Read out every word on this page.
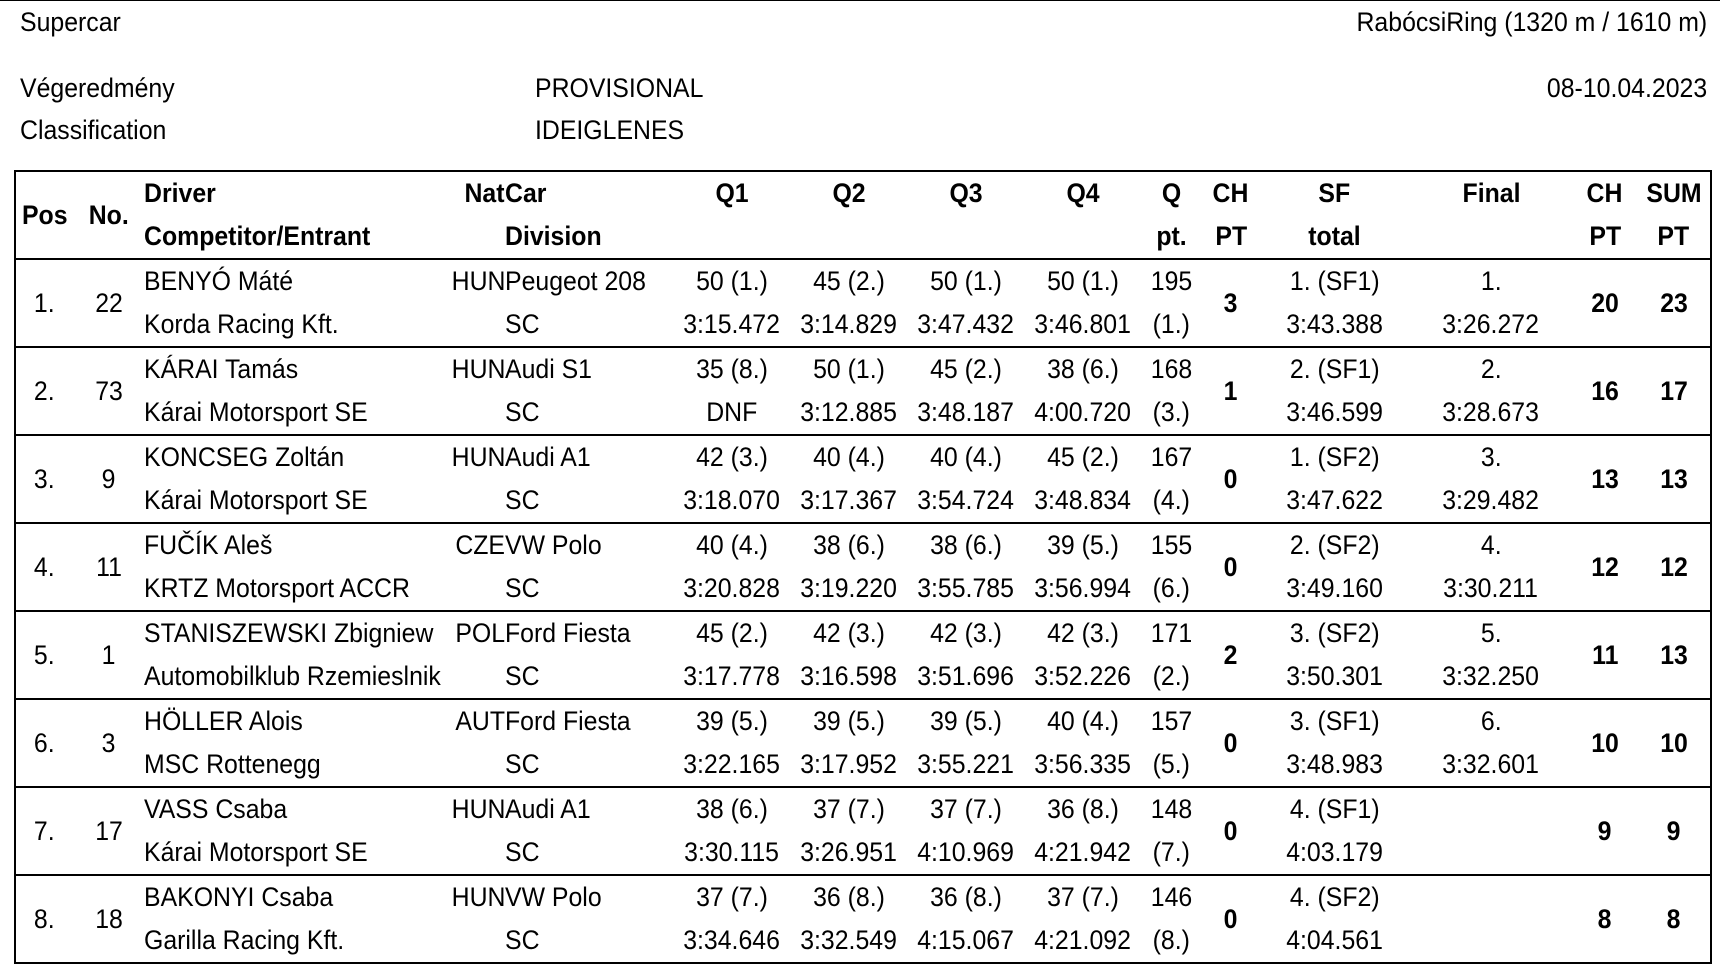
Supercar	RabócsiRing (1320 m / 1610 m)
Végeredmény
Classification
PROVISIONAL
IDEIGLENES
08-10.04.2023
Pos	No.	Driver	Nat	Car	Q1	Q2	Q3	Q4	Q	CH	SF	Final	CH	SUM
		Competitor/Entrant		Division					pt.	PT	total		PT	PT
1.	22	BENYÓ Máté	HUN	Peugeot 208	50 (1.)	45 (2.)	50 (1.)	50 (1.)	195	3	1. (SF1)	1.	20	23
		Korda Racing Kft.		SC	3:15.472	3:14.829	3:47.432	3:46.801	(1.)		3:43.388	3:26.272		
2.	73	KÁRAI Tamás	HUN	Audi S1	35 (8.)	50 (1.)	45 (2.)	38 (6.)	168	1	2. (SF1)	2.	16	17
		Kárai Motorsport SE		SC	DNF	3:12.885	3:48.187	4:00.720	(3.)		3:46.599	3:28.673		
3.	9	KONCSEG Zoltán	HUN	Audi A1	42 (3.)	40 (4.)	40 (4.)	45 (2.)	167	0	1. (SF2)	3.	13	13
		Kárai Motorsport SE		SC	3:18.070	3:17.367	3:54.724	3:48.834	(4.)		3:47.622	3:29.482		
4.	11	FUČÍK Aleš	CZE	VW Polo	40 (4.)	38 (6.)	38 (6.)	39 (5.)	155	0	2. (SF2)	4.	12	12
		KRTZ Motorsport ACCR		SC	3:20.828	3:19.220	3:55.785	3:56.994	(6.)		3:49.160	3:30.211		
5.	1	STANISZEWSKI Zbigniew	POL	Ford Fiesta	45 (2.)	42 (3.)	42 (3.)	42 (3.)	171	2	3. (SF2)	5.	11	13
		Automobilklub Rzemieslnik		SC	3:17.778	3:16.598	3:51.696	3:52.226	(2.)		3:50.301	3:32.250		
6.	3	HÖLLER Alois	AUT	Ford Fiesta	39 (5.)	39 (5.)	39 (5.)	40 (4.)	157	0	3. (SF1)	6.	10	10
		MSC Rottenegg		SC	3:22.165	3:17.952	3:55.221	3:56.335	(5.)		3:48.983	3:32.601		
7.	17	VASS Csaba	HUN	Audi A1	38 (6.)	37 (7.)	37 (7.)	36 (8.)	148	0	4. (SF1)		9	9
		Kárai Motorsport SE		SC	3:30.115	3:26.951	4:10.969	4:21.942	(7.)		4:03.179			
8.	18	BAKONYI Csaba	HUN	VW Polo	37 (7.)	36 (8.)	36 (8.)	37 (7.)	146	0	4. (SF2)		8	8
		Garilla Racing Kft.		SC	3:34.646	3:32.549	4:15.067	4:21.092	(8.)		4:04.561			
